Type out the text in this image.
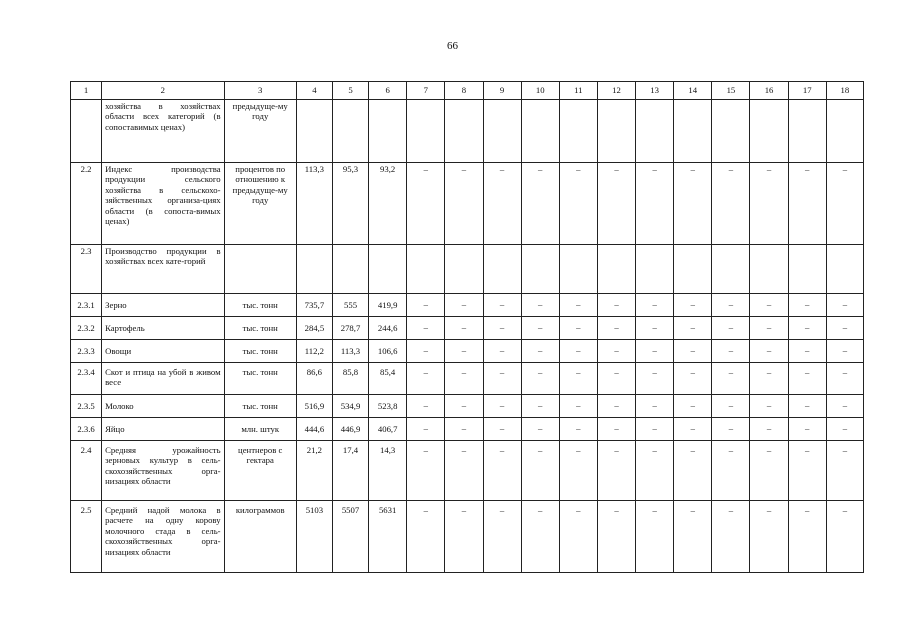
66
1	2	3	4	5	6	7	8	9	10	11	12	13	14	15	16	17	18
	хозяйства в хозяйствах области всех категорий (в сопоставимых ценах)	предыдуще-му году															
2.2	Индекс производства продукции сельского хозяйства в сельскохо-зяйственных организа-циях области (в сопоста-вимых ценах)	процентов по отношению к предыдуще-му году	113,3	95,3	93,2	–	–	–	–	–	–	–	–	–	–	–	–
2.3	Производство продукции в хозяйствах всех кате-горий																
2.3.1	Зерно	тыс. тонн	735,7	555	419,9	–	–	–	–	–	–	–	–	–	–	–	–
2.3.2	Картофель	тыс. тонн	284,5	278,7	244,6	–	–	–	–	–	–	–	–	–	–	–	–
2.3.3	Овощи	тыс. тонн	112,2	113,3	106,6	–	–	–	–	–	–	–	–	–	–	–	–
2.3.4	Скот и птица на убой в живом весе	тыс. тонн	86,6	85,8	85,4	–	–	–	–	–	–	–	–	–	–	–	–
2.3.5	Молоко	тыс. тонн	516,9	534,9	523,8	–	–	–	–	–	–	–	–	–	–	–	–
2.3.6	Яйцо	млн. штук	444,6	446,9	406,7	–	–	–	–	–	–	–	–	–	–	–	–
2.4	Средняя урожайность зерновых культур в сель-скохозяйственных орга-низациях области	центнеров с гектара	21,2	17,4	14,3	–	–	–	–	–	–	–	–	–	–	–	–
2.5	Средний надой молока в расчете на одну корову молочного стада в сель-скохозяйственных орга-низациях области	килограммов	5103	5507	5631	–	–	–	–	–	–	–	–	–	–	–	–
